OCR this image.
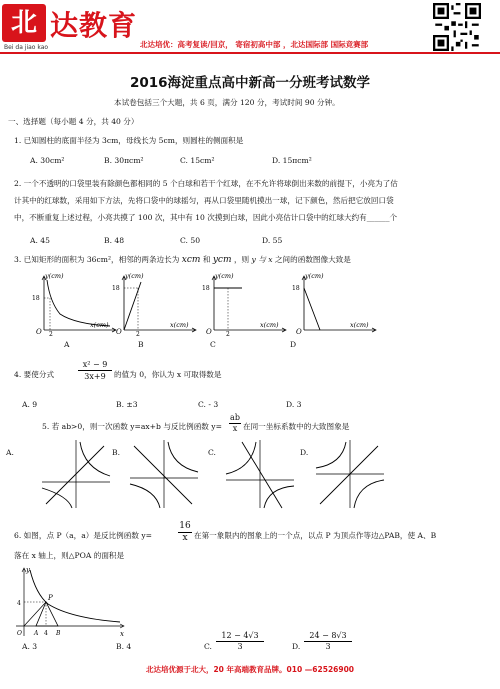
北 达教育
Bei da jiao kao	北达培优：高考复读/回京， 寄宿初高中部 ，北达国际部 国际竞赛部
2016海淀重点高中新高一分班考试数学
本试卷包括三个大题，共 6 页，满分 120 分，考试时间 90 分钟。
一、选择题（每小题 4 分，共 40 分）
1. 已知圆柱的底面半径为 3cm，母线长为 5cm，则圆柱的侧面积是
A. 30cm²	B. 30πcm²	C. 15cm²	D. 15πcm²
2. 一个不透明的口袋里装有除颜色都相同的 5 个白球和若干个红球，在不允许将球倒出来数的前提下，小亮为了估
计其中的红球数，采用如下方法，先将口袋中的球摇匀，再从口袋里随机摸出一球，记下颜色，然后把它放回口袋
中，不断重复上述过程，小亮共摸了 100 次，其中有 10 次摸到白球，因此小亮估计口袋中的红球大约有______个
A. 45	B. 48	C. 50	D. 55
3. 已知矩形的面积为 36cm²，相邻的两条边长为 xcm 和 ycm ，则 y 与 x 之间的函数图像大致是
y(cm)
x(cm)
O 2
18
y(cm)
x(cm)
O 2
18
y(cm)
x(cm)
O 2
18
y(cm)
x(cm)
O
18
A	B	C	D
4. 要使分式	$\frac{\text{x² − 9}}{3x+9}$ 的值为 0，你认为 x 可取得数是
A. 9	B. ±3	C. - 3	D. 3
5. 若 ab>0，则一次函数 y=ax+b 与反比例函数 $y= \frac{ab}{x}$ 在同一坐标系数中的大致图象是
A.	B.	C.	D.
6. 如图，点 P（a，a）是反比例函数 y=	$\frac{16}{x}$ 在第一象限内的图象上的一个点，以点 P 为顶点作等边△PAB，使 A、B
落在 x 轴上，则△POA 的面积是
y
x
P
4
O A 4 B
A. 3	B. 4	C. $\frac{12 - 4√3}{3}$	D. $\frac{24 - 8√3}{3}$
北达培优源于北大，20 年高端教育品牌。010 —62526900
